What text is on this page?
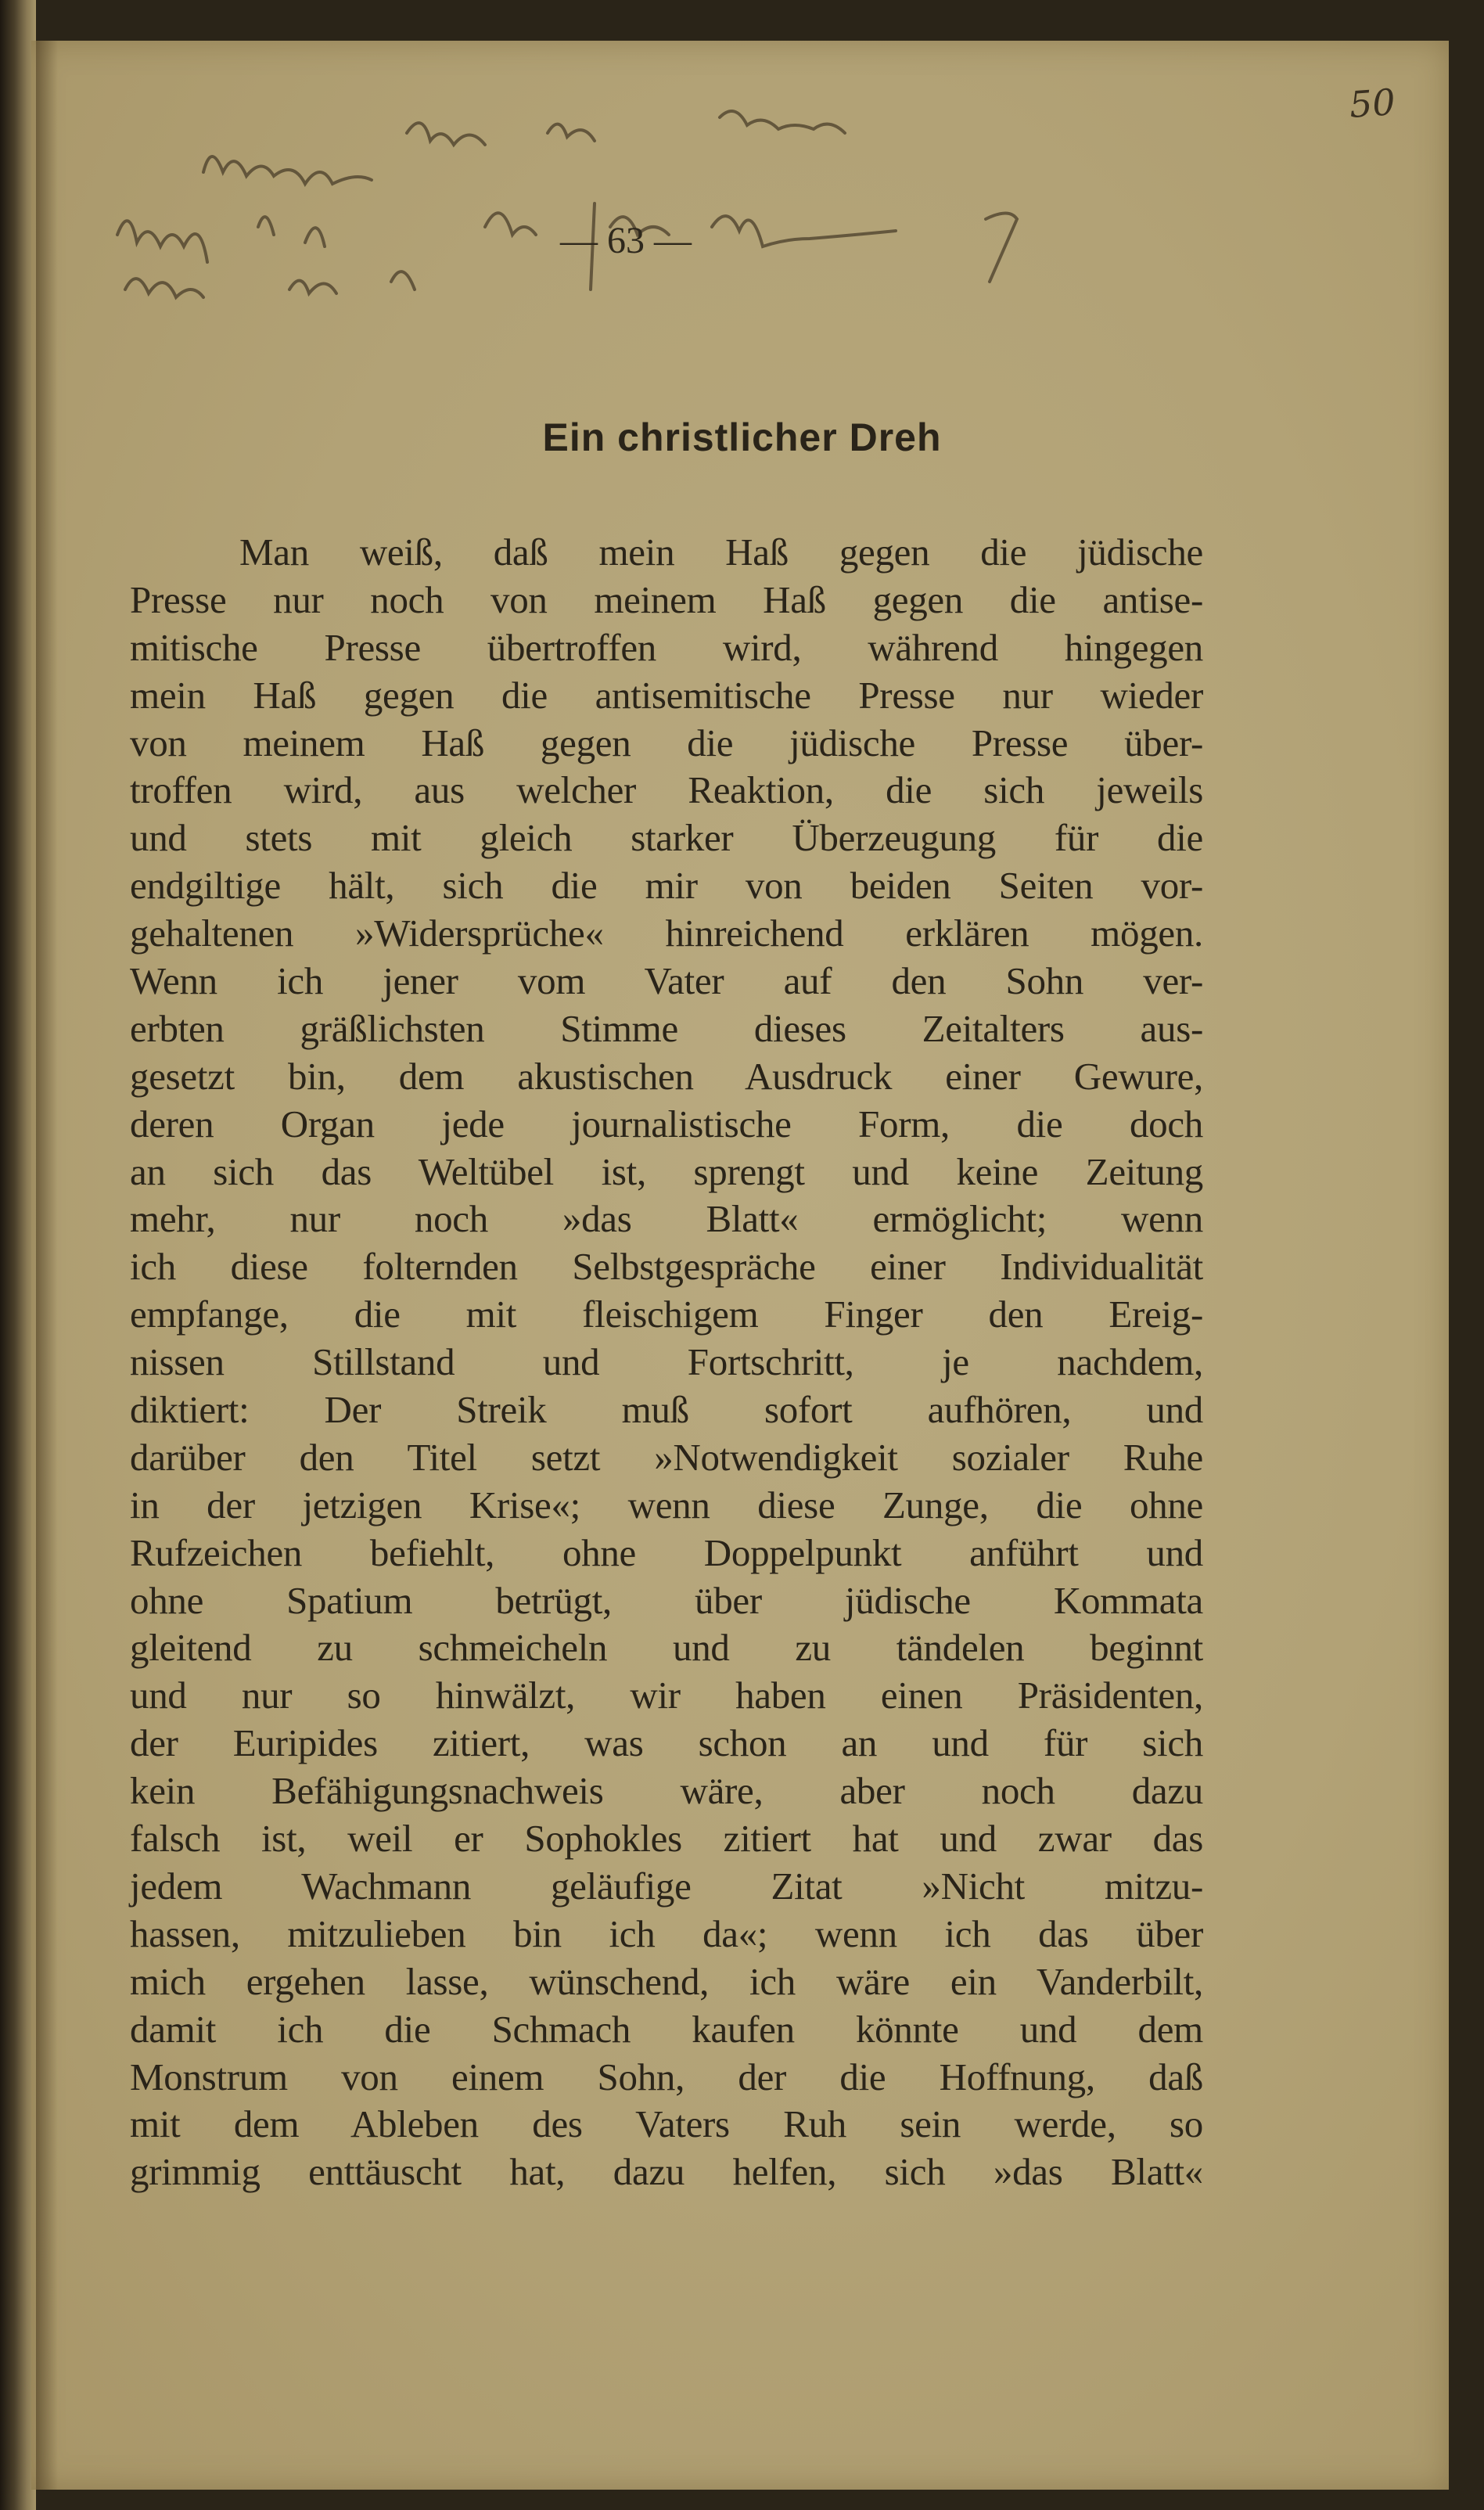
50
— 63 —
Ein christlicher Dreh
Man weiß, daß mein Haß gegen die jüdische
Presse nur noch von meinem Haß gegen die antise-
mitische Presse übertroffen wird, während hingegen
mein Haß gegen die antisemitische Presse nur wieder
von meinem Haß gegen die jüdische Presse über-
troffen wird, aus welcher Reaktion, die sich jeweils
und stets mit gleich starker Überzeugung für die
endgiltige hält, sich die mir von beiden Seiten vor-
gehaltenen »Widersprüche« hinreichend erklären mögen.
Wenn ich jener vom Vater auf den Sohn ver-
erbten gräßlichsten Stimme dieses Zeitalters aus-
gesetzt bin, dem akustischen Ausdruck einer Gewure,
deren Organ jede journalistische Form, die doch
an sich das Weltübel ist, sprengt und keine Zeitung
mehr, nur noch »das Blatt« ermöglicht; wenn
ich diese folternden Selbstgespräche einer Individualität
empfange, die mit fleischigem Finger den Ereig-
nissen Stillstand und Fortschritt, je nachdem,
diktiert: Der Streik muß sofort aufhören, und
darüber den Titel setzt »Notwendigkeit sozialer Ruhe
in der jetzigen Krise«; wenn diese Zunge, die ohne
Rufzeichen befiehlt, ohne Doppelpunkt anführt und
ohne Spatium betrügt, über jüdische Kommata
gleitend zu schmeicheln und zu tändelen beginnt
und nur so hinwälzt, wir haben einen Präsidenten,
der Euripides zitiert, was schon an und für sich
kein Befähigungsnachweis wäre, aber noch dazu
falsch ist, weil er Sophokles zitiert hat und zwar das
jedem Wachmann geläufige Zitat »Nicht mitzu-
hassen, mitzulieben bin ich da«; wenn ich das über
mich ergehen lasse, wünschend, ich wäre ein Vanderbilt,
damit ich die Schmach kaufen könnte und dem
Monstrum von einem Sohn, der die Hoffnung, daß
mit dem Ableben des Vaters Ruh sein werde, so
grimmig enttäuscht hat, dazu helfen, sich »das Blatt«
